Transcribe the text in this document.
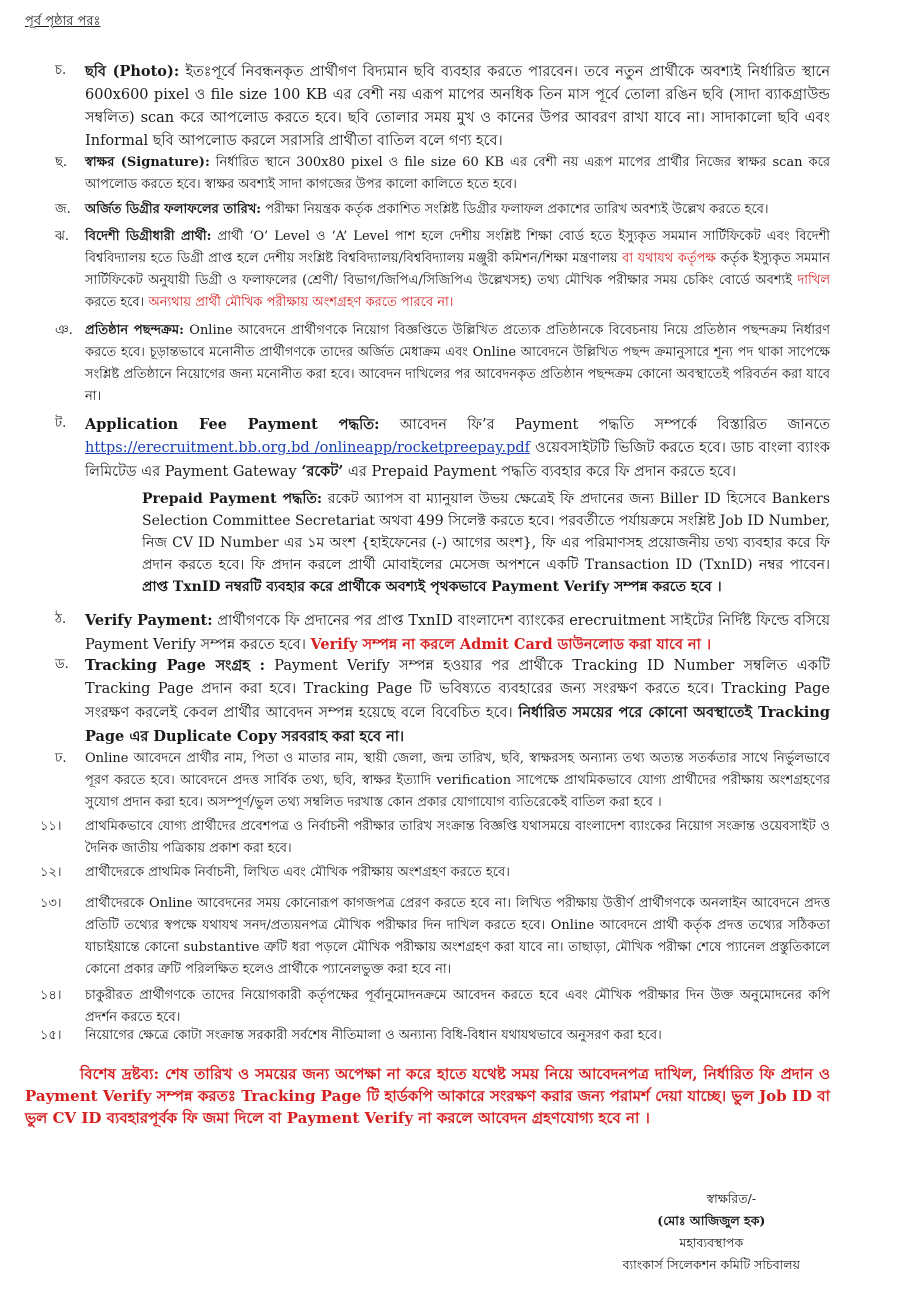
পূর্ব পৃষ্ঠার পরঃ
চ.	ছবি (Photo): ইতঃপূর্বে নিবন্ধনকৃত প্রার্থীগণ বিদ্যমান ছবি ব্যবহার করতে পারবেন। তবে নতুন প্রার্থীকে অবশ্যই নির্ধারিত স্থানে 600x600 pixel ও file size 100 KB এর বেশী নয় এরূপ মাপের অনধিক তিন মাস পূর্বে তোলা রঙিন ছবি (সাদা ব্যাকগ্রাউন্ড সম্বলিত) scan করে আপলোড করতে হবে। ছবি তোলার সময় মুখ ও কানের উপর আবরণ রাখা যাবে না। সাদাকালো ছবি এবং Informal ছবি আপলোড করলে সরাসরি প্রার্থীতা বাতিল বলে গণ্য হবে।
ছ.	স্বাক্ষর (Signature): নির্ধারিত স্থানে 300x80 pixel ও file size 60 KB এর বেশী নয় এরূপ মাপের প্রার্থীর নিজের স্বাক্ষর scan করে আপলোড করতে হবে। স্বাক্ষর অবশ্যই সাদা কাগজের উপর কালো কালিতে হতে হবে।
জ.	অর্জিত ডিগ্রীর ফলাফলের তারিখ: পরীক্ষা নিয়ন্ত্রক কর্তৃক প্রকাশিত সংশ্লিষ্ট ডিগ্রীর ফলাফল প্রকাশের তারিখ অবশ্যই উল্লেখ করতে হবে।
ঝ.	বিদেশী ডিগ্রীধারী প্রার্থী: প্রার্থী ‘O’ Level ও ‘A’ Level পাশ হলে দেশীয় সংশ্লিষ্ট শিক্ষা বোর্ড হতে ইস্যুকৃত সমমান সার্টিফিকেট এবং বিদেশী বিশ্ববিদ্যালয় হতে ডিগ্রী প্রাপ্ত হলে দেশীয় সংশ্লিষ্ট বিশ্ববিদ্যালয়/বিশ্ববিদ্যালয় মঞ্জুরী কমিশন/শিক্ষা মন্ত্রণালয় বা যথাযথ কর্তৃপক্ষ কর্তৃক ইস্যুকৃত সমমান সার্টিফিকেট অনুযায়ী ডিগ্রী ও ফলাফলের (শ্রেণী/ বিভাগ/জিপিএ/সিজিপিএ উল্লেখসহ) তথ্য মৌখিক পরীক্ষার সময় চেকিং বোর্ডে অবশ্যই দাখিল করতে হবে। অন্যথায় প্রার্থী মৌখিক পরীক্ষায় অংশগ্রহণ করতে পারবে না।
ঞ. প্রতিষ্ঠান পছন্দক্রম: Online আবেদনে প্রার্থীগণকে নিয়োগ বিজ্ঞপ্তিতে উল্লিখিত প্রত্যেক প্রতিষ্ঠানকে বিবেচনায় নিয়ে প্রতিষ্ঠান পছন্দক্রম নির্ধারণ করতে হবে। চূড়ান্তভাবে মনোনীত প্রার্থীগণকে তাদের অর্জিত মেধাক্রম এবং Online আবেদনে উল্লিখিত পছন্দ ক্রমানুসারে শূন্য পদ থাকা সাপেক্ষে সংশ্লিষ্ট প্রতিষ্ঠানে নিয়োগের জন্য মনোনীত করা হবে। আবেদন দাখিলের পর আবেদনকৃত প্রতিষ্ঠান পছন্দক্রম কোনো অবস্থাতেই পরিবর্তন করা যাবে না।
ট.	Application Fee Payment পদ্ধতি: আবেদন ফি’র Payment পদ্ধতি সম্পর্কে বিস্তারিত জানতে https://erecruitment.bb.org.bd /onlineapp/rocketpreepay.pdf ওয়েবসাইটটি ভিজিট করতে হবে। ডাচ বাংলা ব্যাংক লিমিটেড এর Payment Gateway ‘রকেট’ এর Prepaid Payment পদ্ধতি ব্যবহার করে ফি প্রদান করতে হবে।
Prepaid Payment পদ্ধতি: রকেট অ্যাপস বা ম্যানুয়াল উভয় ক্ষেত্রেই ফি প্রদানের জন্য Biller ID হিসেবে Bankers Selection Committee Secretariat অথবা 499 সিলেক্ট করতে হবে। পরবর্তীতে পর্যায়ক্রমে সংশ্লিষ্ট Job ID Number, নিজ CV ID Number এর ১ম অংশ {হাইফেনের (-) আগের অংশ}, ফি এর পরিমাণসহ প্রয়োজনীয় তথ্য ব্যবহার করে ফি প্রদান করতে হবে। ফি প্রদান করলে প্রার্থী মোবাইলের মেসেজ অপশনে একটি Transaction ID (TxnID) নম্বর পাবেন। প্রাপ্ত TxnID নম্বরটি ব্যবহার করে প্রার্থীকে অবশ্যই পৃথকভাবে Payment Verify সম্পন্ন করতে হবে ।
ঠ.	Verify Payment: প্রার্থীগণকে ফি প্রদানের পর প্রাপ্ত TxnID বাংলাদেশ ব্যাংকের erecruitment সাইটের নির্দিষ্ট ফিল্ডে বসিয়ে Payment Verify সম্পন্ন করতে হবে। Verify সম্পন্ন না করলে Admit Card ডাউনলোড করা যাবে না ।
ড.	Tracking Page সংগ্রহ : Payment Verify সম্পন্ন হওয়ার পর প্রার্থীকে Tracking ID Number সম্বলিত একটি Tracking Page প্রদান করা হবে। Tracking Page টি ভবিষ্যতে ব্যবহারের জন্য সংরক্ষণ করতে হবে। Tracking Page সংরক্ষণ করলেই কেবল প্রার্থীর আবেদন সম্পন্ন হয়েছে বলে বিবেচিত হবে। নির্ধারিত সময়ের পরে কোনো অবস্থাতেই Tracking Page এর Duplicate Copy সরবরাহ করা হবে না।
ঢ.	Online আবেদনে প্রার্থীর নাম, পিতা ও মাতার নাম, স্থায়ী জেলা, জন্ম তারিখ, ছবি, স্বাক্ষরসহ অন্যান্য তথ্য অত্যন্ত সতর্কতার সাথে নির্ভুলভাবে পূরণ করতে হবে। আবেদনে প্রদত্ত সার্বিক তথ্য, ছবি, স্বাক্ষর ইত্যাদি verification সাপেক্ষে প্রাথমিকভাবে যোগ্য প্রার্থীদের পরীক্ষায় অংশগ্রহণের সুযোগ প্রদান করা হবে। অসম্পূর্ণ/ভুল তথ্য সম্বলিত দরখাস্ত কোন প্রকার যোগাযোগ ব্যতিরেকেই বাতিল করা হবে ।
১১।	প্রাথমিকভাবে যোগ্য প্রার্থীদের প্রবেশপত্র ও নির্বাচনী পরীক্ষার তারিখ সংক্রান্ত বিজ্ঞপ্তি যথাসময়ে বাংলাদেশ ব্যাংকের নিয়োগ সংক্রান্ত ওয়েবসাইট ও দৈনিক জাতীয় পত্রিকায় প্রকাশ করা হবে।
১২।	প্রার্থীদেরকে প্রাথমিক নির্বাচনী, লিখিত এবং মৌখিক পরীক্ষায় অংশগ্রহণ করতে হবে।
১৩।	প্রার্থীদেরকে Online আবেদনের সময় কোনোরূপ কাগজপত্র প্রেরণ করতে হবে না। লিখিত পরীক্ষায় উত্তীর্ণ প্রার্থীগণকে অনলাইন আবেদনে প্রদত্ত প্রতিটি তথ্যের স্বপক্ষে যথাযথ সনদ/প্রত্যয়নপত্র মৌখিক পরীক্ষার দিন দাখিল করতে হবে। Online আবেদনে প্রার্থী কর্তৃক প্রদত্ত তথ্যের সঠিকতা যাচাইয়ান্তে কোনো substantive ত্রুটি ধরা পড়লে মৌখিক পরীক্ষায় অংশগ্রহণ করা যাবে না। তাছাড়া, মৌখিক পরীক্ষা শেষে প্যানেল প্রস্তুতিকালে কোনো প্রকার ত্রুটি পরিলক্ষিত হলেও প্রার্থীকে প্যানেলভুক্ত করা হবে না।
১৪।	চাকুরীরত প্রার্থীগণকে তাদের নিয়োগকারী কর্তৃপক্ষের পূর্বানুমোদনক্রমে আবেদন করতে হবে এবং মৌখিক পরীক্ষার দিন উক্ত অনুমোদনের কপি প্রদর্শন করতে হবে।
১৫।	নিয়োগের ক্ষেত্রে কোটা সংক্রান্ত সরকারী সর্বশেষ নীতিমালা ও অন্যান্য বিধি-বিধান যথাযথভাবে অনুসরণ করা হবে।
বিশেষ দ্রষ্টব্য: শেষ তারিখ ও সময়ের জন্য অপেক্ষা না করে হাতে যথেষ্ট সময় নিয়ে আবেদনপত্র দাখিল, নির্ধারিত ফি প্রদান ও Payment Verify সম্পন্ন করতঃ Tracking Page টি হার্ডকপি আকারে সংরক্ষণ করার জন্য পরামর্শ দেয়া যাচ্ছে। ভুল Job ID বা ভুল CV ID ব্যবহারপূর্বক ফি জমা দিলে বা Payment Verify না করলে আবেদন গ্রহণযোগ্য হবে না ।
স্বাক্ষরিত/-
(মোঃ আজিজুল হক)
মহাব্যবস্থাপক
ব্যাংকার্স সিলেকশন কমিটি সচিবালয়
